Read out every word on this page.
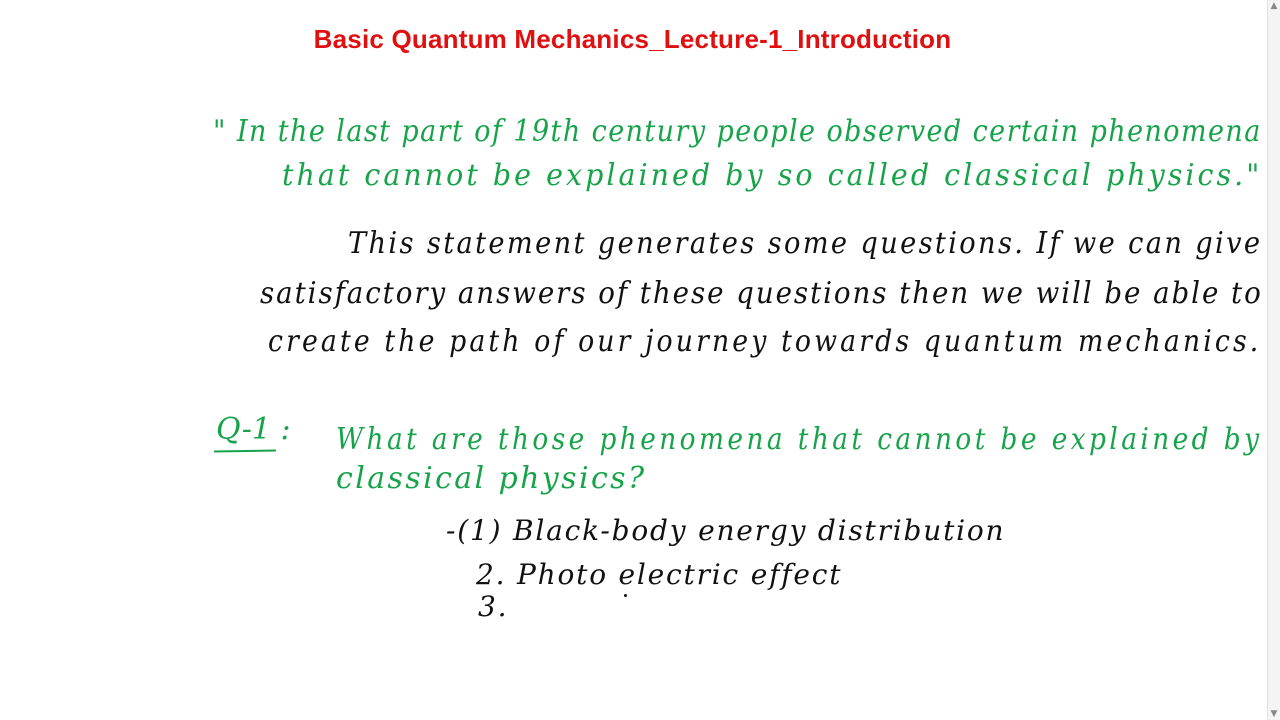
Basic Quantum Mechanics_Lecture-1_Introduction
" In the last part of 19th century people observed certain phenomena
that cannot be explained by so called classical physics."
This statement generates some questions. If we can give
satisfactory answers of these questions then we will be able to
create the path of our journey towards quantum mechanics.
Q-1 : What are those phenomena that cannot be explained by
classical physics?
-(1) Black-body energy distribution
2. Photo electric effect
3.
▲
▼
